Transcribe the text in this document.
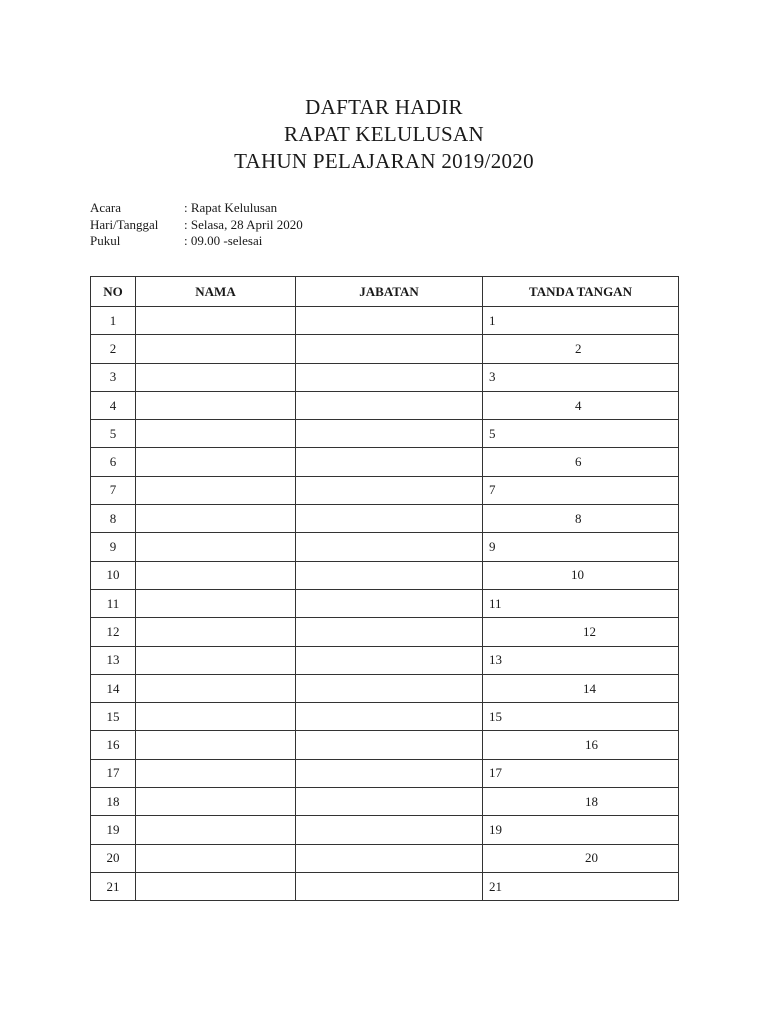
DAFTAR HADIR
RAPAT KELULUSAN
TAHUN PELAJARAN 2019/2020
Acara	: Rapat Kelulusan
Hari/Tanggal	: Selasa, 28 April 2020
Pukul	: 09.00 -selesai
NO	NAMA	JABATAN	TANDA TANGAN
1			1

2			2

3			3

4			4

5			5

6			6

7			7

8			8

9			9

10			10

11			11

12			12

13			13

14			14

15			15

16			16

17			17

18			18

19			19

20			20

21			21
